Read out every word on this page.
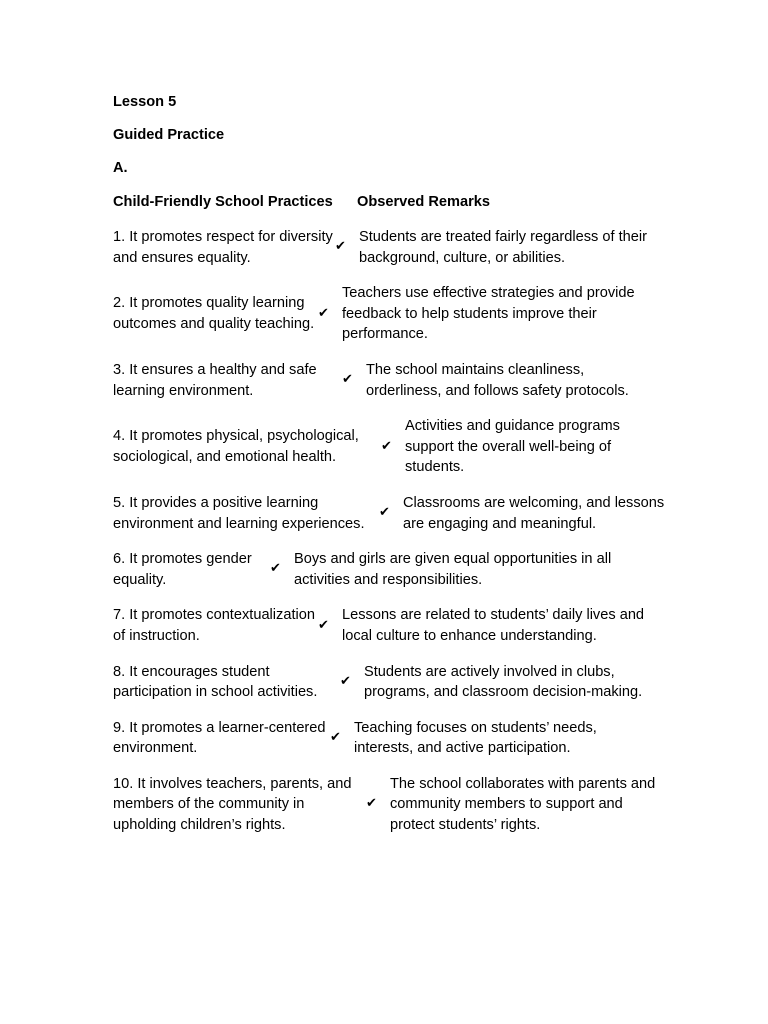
Lesson 5
Guided Practice
A.
Child-Friendly School Practices	Observed Remarks
1. It promotes respect for diversity and ensures equality.
✔
Students are treated fairly regardless of their background, culture, or abilities.
2. It promotes quality learning outcomes and quality teaching.
✔
Teachers use effective strategies and provide feedback to help students improve their performance.
3. It ensures a healthy and safe learning environment.
✔
The school maintains cleanliness, orderliness, and follows safety protocols.
4. It promotes physical, psychological, sociological, and emotional health.
✔
Activities and guidance programs support the overall well-being of students.
5. It provides a positive learning environment and learning experiences.
✔
Classrooms are welcoming, and lessons are engaging and meaningful.
6. It promotes gender equality.
✔
Boys and girls are given equal opportunities in all activities and responsibilities.
7. It promotes contextualization of instruction.
✔
Lessons are related to students’ daily lives and local culture to enhance understanding.
8. It encourages student participation in school activities.
✔
Students are actively involved in clubs, programs, and classroom decision-making.
9. It promotes a learner-centered environment.
✔
Teaching focuses on students’ needs, interests, and active participation.
10. It involves teachers, parents, and members of the community in upholding children’s rights.
✔
The school collaborates with parents and community members to support and protect students’ rights.
